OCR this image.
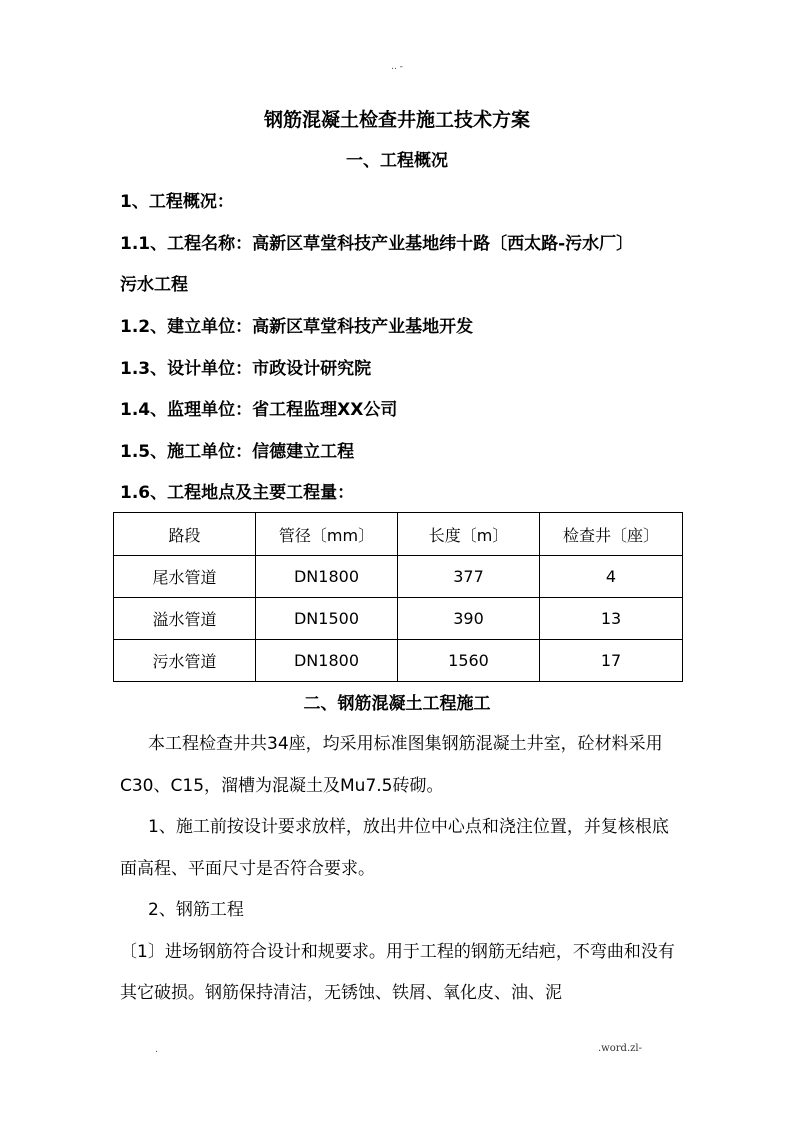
.. -
钢筋混凝土检查井施工技术方案
一、工程概况
1、工程概况：
1.1、工程名称：高新区草堂科技产业基地纬十路〔西太路-污水厂〕
污水工程
1.2、建立单位：高新区草堂科技产业基地开发
1.3、设计单位：市政设计研究院
1.4、监理单位：省工程监理XX公司
1.5、施工单位：信德建立工程
1.6、工程地点及主要工程量：
路段	管径〔mm〕	长度〔m〕	检查井〔座〕
尾水管道	DN1800	377	4
溢水管道	DN1500	390	13
污水管道	DN1800	1560	17
二、钢筋混凝土工程施工

本工程检查井共34座，均采用标准图集钢筋混凝土井室，砼材料采用C30、C15，溜槽为混凝土及Mu7.5砖砌。

1、施工前按设计要求放样，放出井位中心点和浇注位置，并复核根底面高程、平面尺寸是否符合要求。

2、钢筋工程

〔1〕进场钢筋符合设计和规要求。用于工程的钢筋无结疤，不弯曲和没有其它破损。钢筋保持清洁，无锈蚀、铁屑、氧化皮、油、泥

.	.word.zl-
